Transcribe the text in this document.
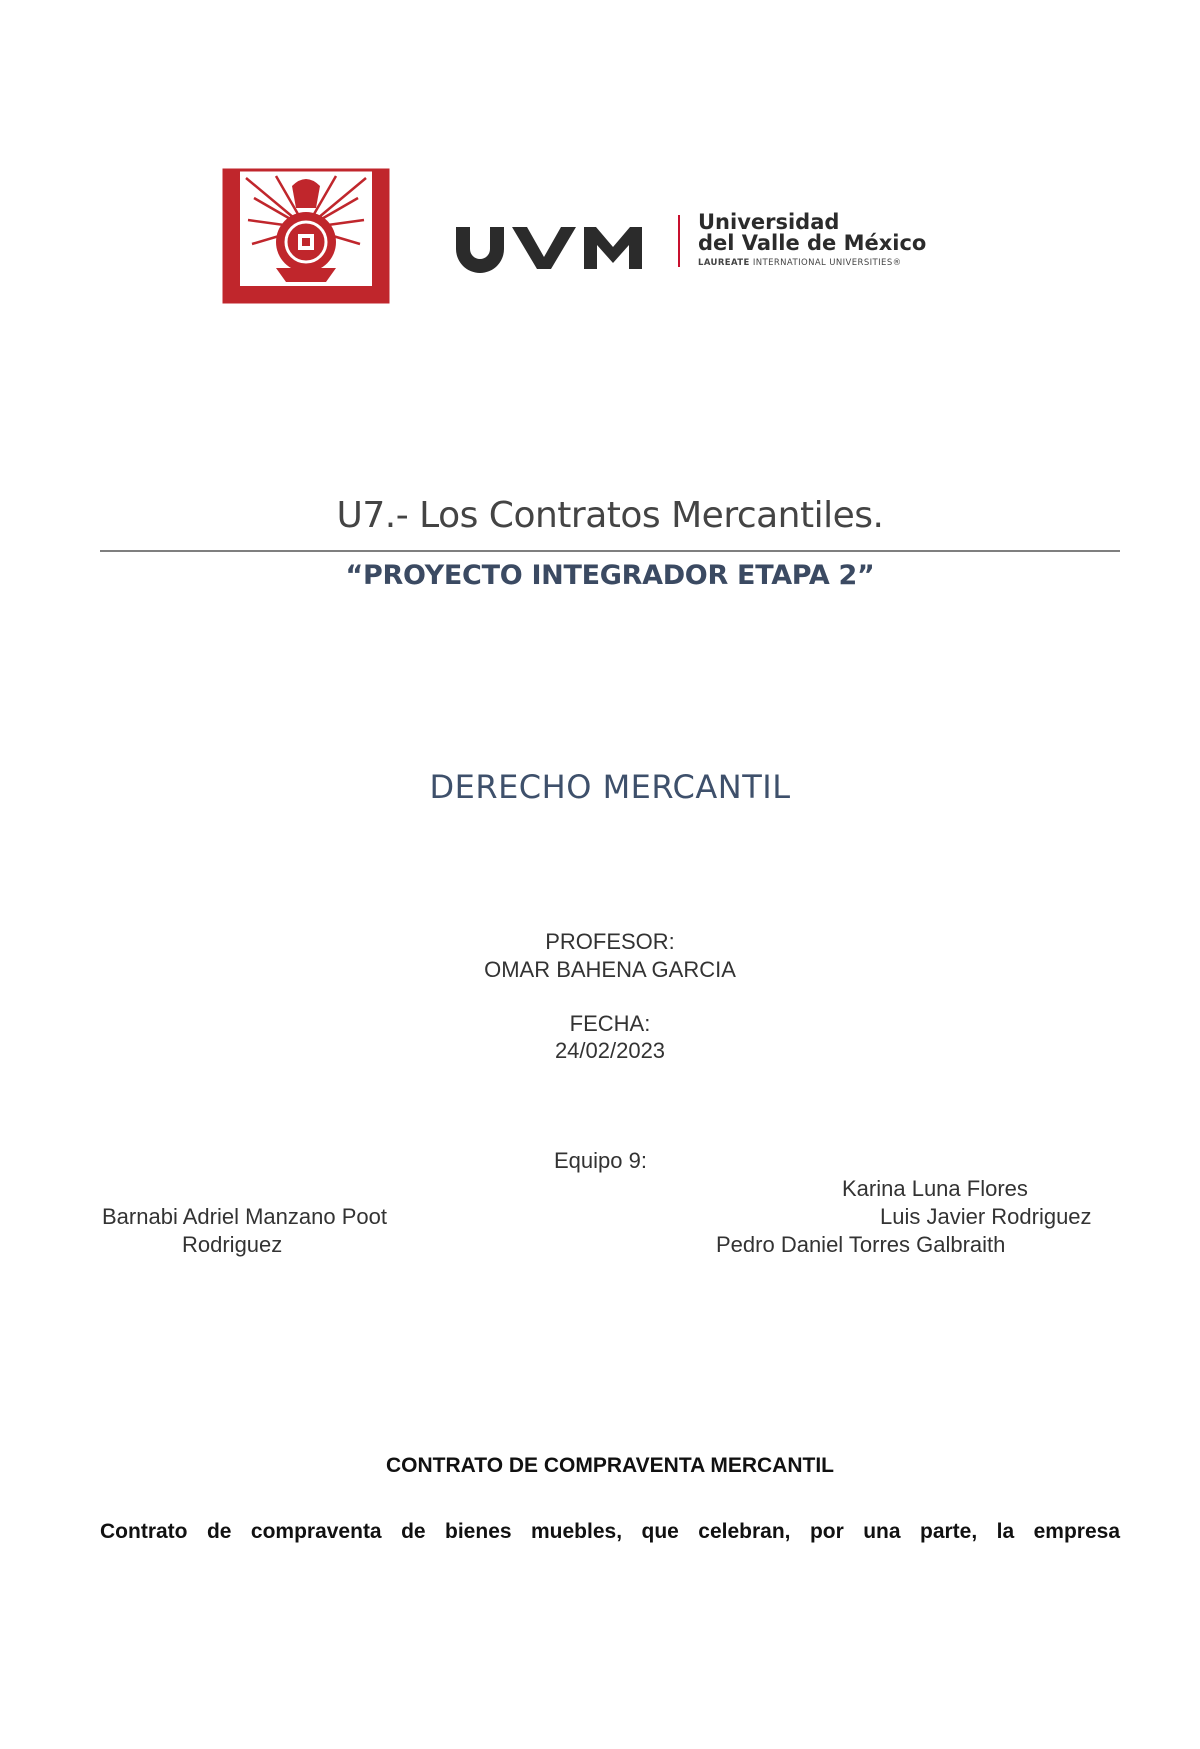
Universidad
del Valle de México
LAUREATE INTERNATIONAL UNIVERSITIES®
U7.- Los Contratos Mercantiles.
“PROYECTO INTEGRADOR ETAPA 2”
DERECHO MERCANTIL
PROFESOR:
OMAR BAHENA GARCIA
FECHA:
24/02/2023
Equipo 9:
Karina Luna Flores
Barnabi Adriel Manzano Poot	Luis Javier Rodriguez
Rodriguez	Pedro Daniel Torres Galbraith
CONTRATO DE COMPRAVENTA MERCANTIL
Contrato de compraventa de bienes muebles, que celebran, por una parte, la empresa
